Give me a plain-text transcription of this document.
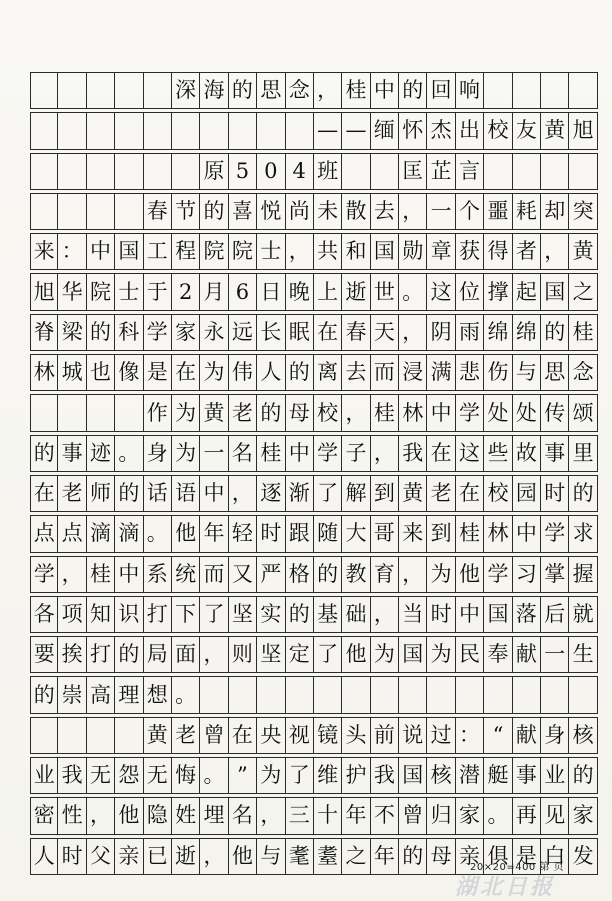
深 海 的 思 念 ， 桂 中 的 回 响
— — 缅 怀 杰 出 校 友 黄 旭
原 5 0 4 班	匡 芷 言
春 节 的 喜 悦 尚 未 散 去 ， 一 个 噩 耗 却 突
来 ： 中 国 工 程 院 院 士 ， 共 和 国 勋 章 获 得 者 ， 黄
旭 华 院 士 于 2 月 6 日 晚 上 逝 世 。 这 位 撑 起 国 之
脊 梁 的 科 学 家 永 远 长 眠 在 春 天 ， 阴 雨 绵 绵 的 桂
林 城 也 像 是 在 为 伟 人 的 离 去 而 浸 满 悲 伤 与 思 念
作 为 黄 老 的 母 校 ， 桂 林 中 学 处 处 传 颂
的 事 迹 。 身 为 一 名 桂 中 学 子 ， 我 在 这 些 故 事 里
在 老 师 的 话 语 中 ， 逐 渐 了 解 到 黄 老 在 校 园 时 的
点 点 滴 滴 。 他 年 轻 时 跟 随 大 哥 来 到 桂 林 中 学 求
学 ， 桂 中 系 统 而 又 严 格 的 教 育 ， 为 他 学 习 掌 握
各 项 知 识 打 下 了 坚 实 的 基 础 ， 当 时 中 国 落 后 就
要 挨 打 的 局 面 ， 则 坚 定 了 他 为 国 为 民 奉 献 一 生
的 崇 高 理 想 。
黄 老 曾 在 央 视 镜 头 前 说 过 ： “ 献 身 核
业 我 无 怨 无 悔 。 ” 为 了 维 护 我 国 核 潜 艇 事 业 的
密 性 ， 他 隐 姓 埋 名 ， 三 十 年 不 曾 归 家 。 再 见 家
人 时 父 亲 已 逝 ， 他 与 耄 耋 之 年 的 母 亲 俱 是 白 发
20×20=400 第 页
湖北日报
